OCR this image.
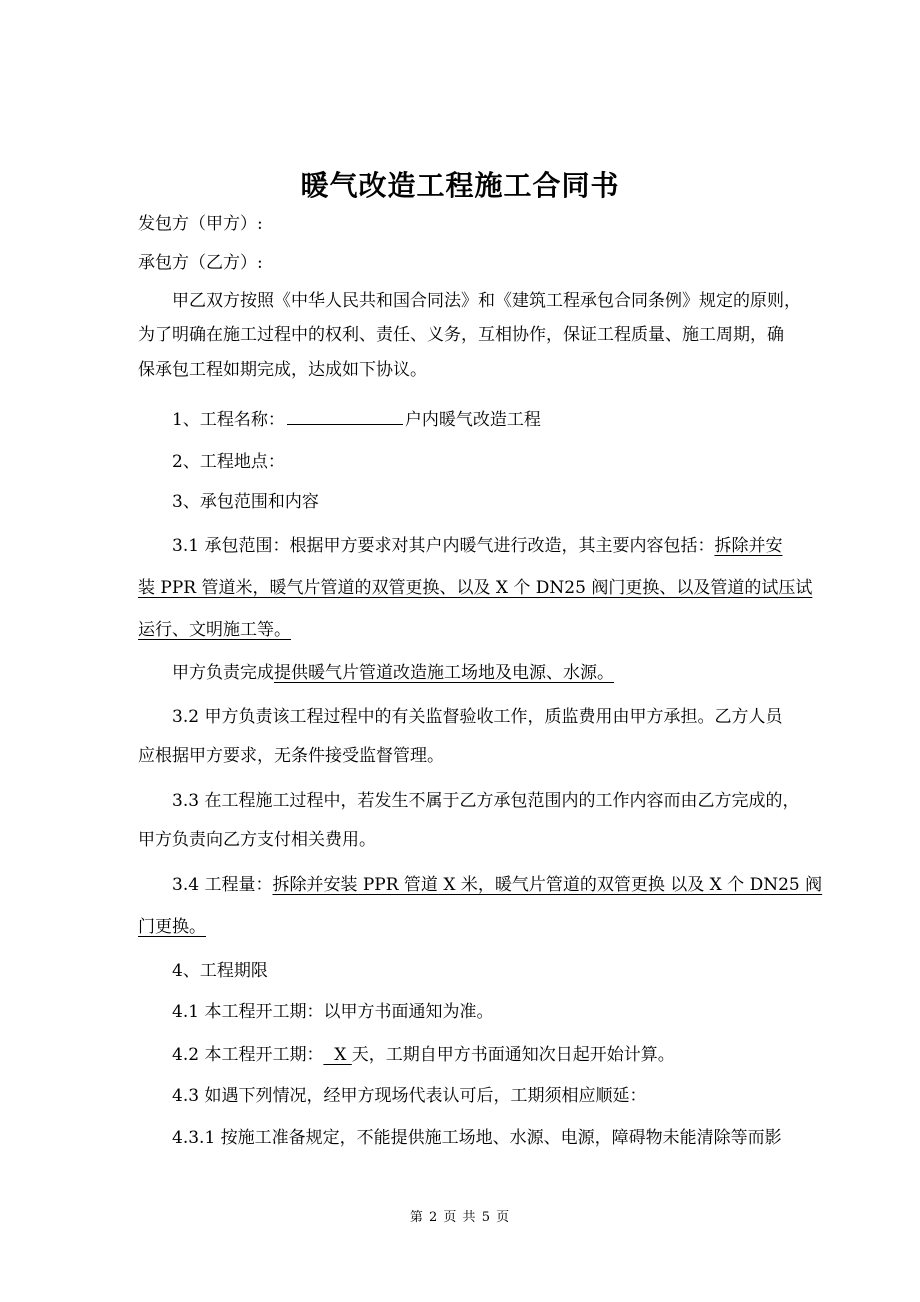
暖气改造工程施工合同书
发包方（甲方）:
承包方（乙方）:
甲乙双方按照《中华人民共和国合同法》和《建筑工程承包合同条例》规定的原则，
为了明确在施工过程中的权利、责任、义务，互相协作，保证工程质量、施工周期，确
保承包工程如期完成，达成如下协议。
1、工程名称：	户内暖气改造工程
2、工程地点：
3、承包范围和内容
3.1 承包范围：根据甲方要求对其户内暖气进行改造，其主要内容包括：拆除并安
装 PPR 管道米，暖气片管道的双管更换、以及 X 个 DN25 阀门更换、以及管道的试压试
运行、文明施工等。
甲方负责完成提供暖气片管道改造施工场地及电源、水源。
3.2 甲方负责该工程过程中的有关监督验收工作，质监费用由甲方承担。乙方人员
应根据甲方要求，无条件接受监督管理。
3.3 在工程施工过程中，若发生不属于乙方承包范围内的工作内容而由乙方完成的，
甲方负责向乙方支付相关费用。
3.4 工程量：拆除并安装 PPR 管道 X 米，暖气片管道的双管更换 以及 X 个 DN25 阀
门更换。
4、工程期限
4.1 本工程开工期：以甲方书面通知为准。
4.2 本工程开工期：  X 天，工期自甲方书面通知次日起开始计算。
4.3 如遇下列情况，经甲方现场代表认可后，工期须相应顺延：
4.3.1 按施工准备规定，不能提供施工场地、水源、电源，障碍物未能清除等而影
第 2 页 共 5 页
